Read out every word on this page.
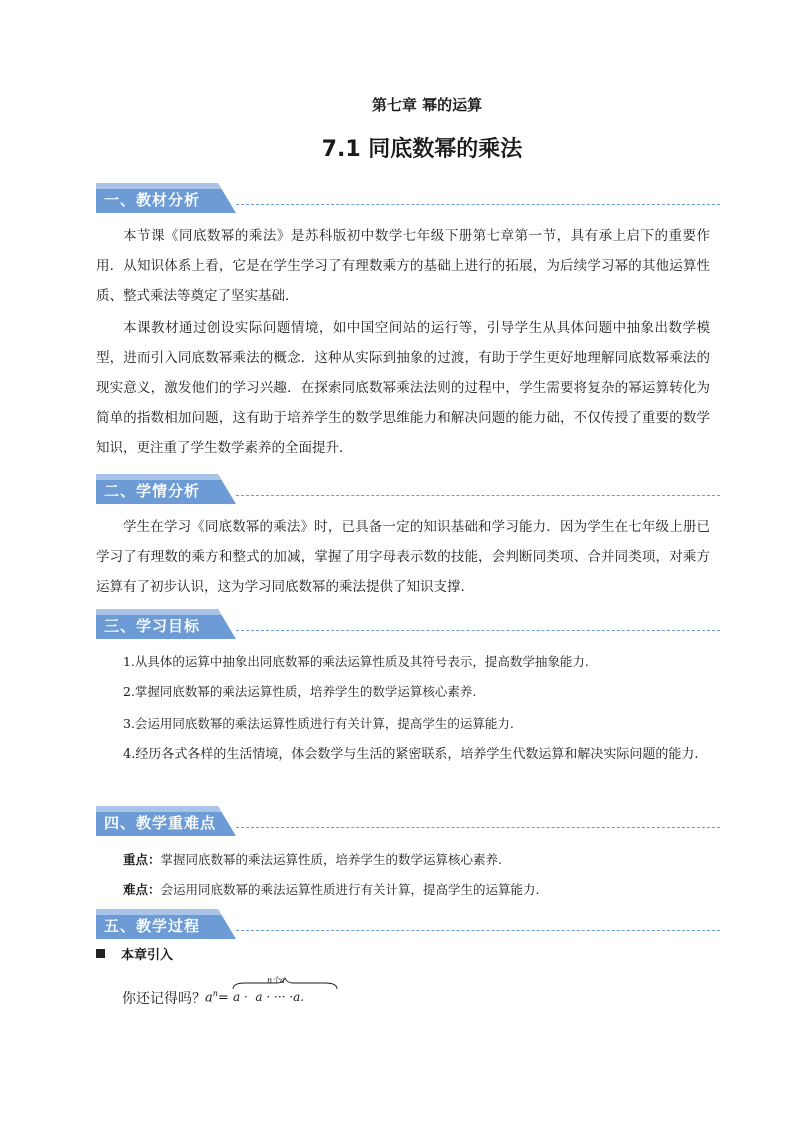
第七章 幂的运算
7.1 同底数幂的乘法
一、教材分析
本节课《同底数幂的乘法》是苏科版初中数学七年级下册第七章第一节，具有承上启下的重要作用．从知识体系上看，它是在学生学习了有理数乘方的基础上进行的拓展，为后续学习幂的其他运算性质、整式乘法等奠定了坚实基础．
本课教材通过创设实际问题情境，如中国空间站的运行等，引导学生从具体问题中抽象出数学模型，进而引入同底数幂乘法的概念．这种从实际到抽象的过渡，有助于学生更好地理解同底数幂乘法的现实意义，激发他们的学习兴趣．在探索同底数幂乘法法则的过程中，学生需要将复杂的幂运算转化为简单的指数相加问题，这有助于培养学生的数学思维能力和解决问题的能力础，不仅传授了重要的数学知识，更注重了学生数学素养的全面提升．
二、学情分析
学生在学习《同底数幂的乘法》时，已具备一定的知识基础和学习能力．因为学生在七年级上册已学习了有理数的乘方和整式的加减，掌握了用字母表示数的技能，会判断同类项、合并同类项，对乘方运算有了初步认识，这为学习同底数幂的乘法提供了知识支撑．
三、学习目标
1.从具体的运算中抽象出同底数幂的乘法运算性质及其符号表示，提高数学抽象能力.
2.掌握同底数幂的乘法运算性质，培养学生的数学运算核心素养.
3.会运用同底数幂的乘法运算性质进行有关计算，提高学生的运算能力.
4.经历各式各样的生活情境，体会数学与生活的紧密联系，培养学生代数运算和解决实际问题的能力.
四、教学重难点
重点：掌握同底数幂的乘法运算性质，培养学生的数学运算核心素养.
难点：会运用同底数幂的乘法运算性质进行有关计算，提高学生的运算能力.
五、教学过程
本章引入
你还记得吗？ $a^n=$
n个a
a ·  a · ··· ·a.
